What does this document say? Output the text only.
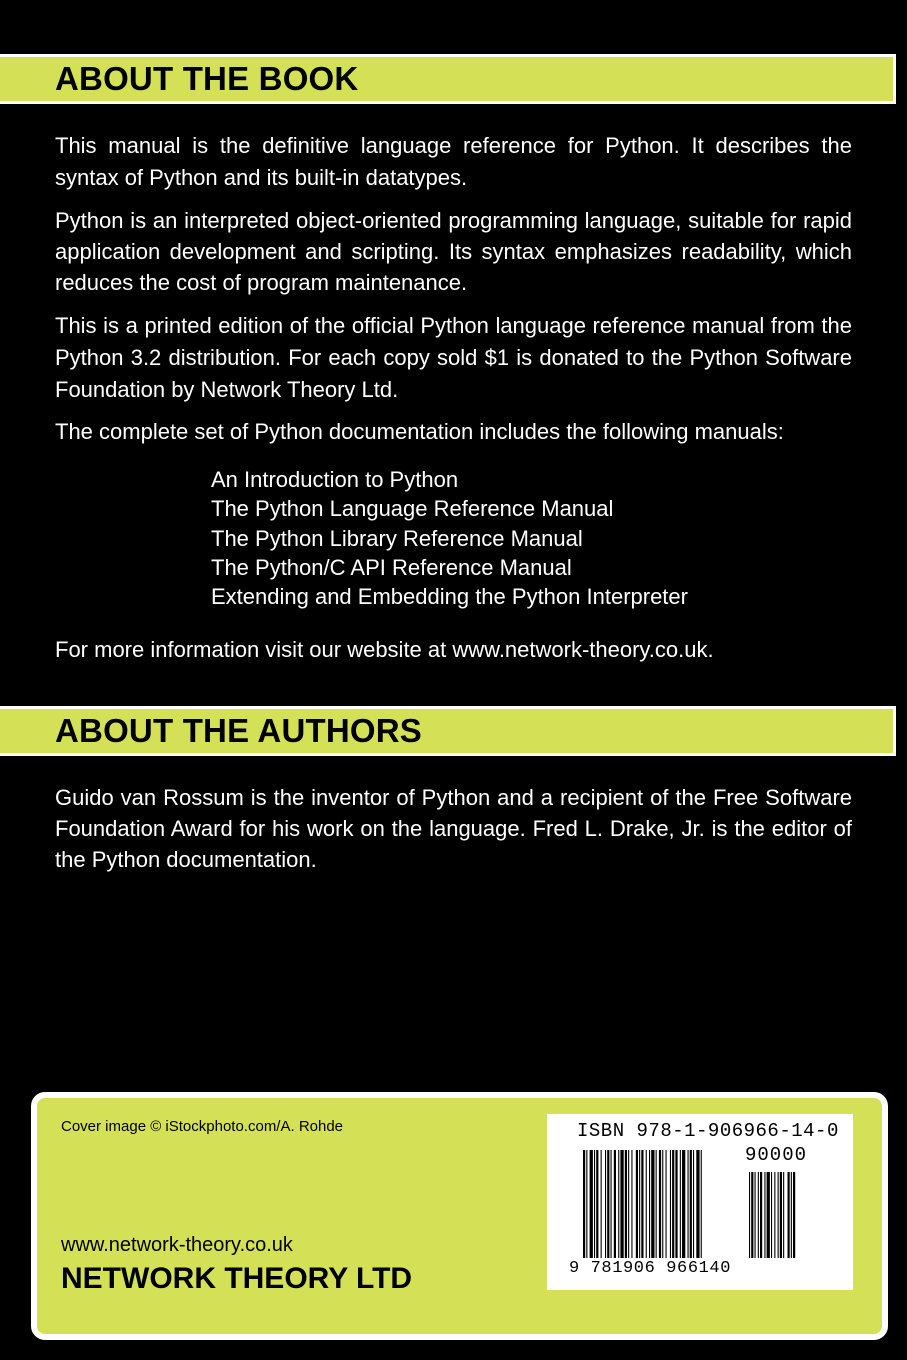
ABOUT THE BOOK

This manual is the definitive language reference for Python. It describes the syntax of Python and its built-in datatypes.

Python is an interpreted object-oriented programming language, suitable for rapid application development and scripting. Its syntax emphasizes readability, which reduces the cost of program maintenance.

This is a printed edition of the official Python language reference manual from the Python 3.2 distribution. For each copy sold $1 is donated to the Python Software Foundation by Network Theory Ltd.

The complete set of Python documentation includes the following manuals:

An Introduction to Python
The Python Language Reference Manual
The Python Library Reference Manual
The Python/C API Reference Manual
Extending and Embedding the Python Interpreter

For more information visit our website at www.network-theory.co.uk.

ABOUT THE AUTHORS

Guido van Rossum is the inventor of Python and a recipient of the Free Software Foundation Award for his work on the language. Fred L. Drake, Jr. is the editor of the Python documentation.

Cover image © iStockphoto.com/A. Rohde
www.network-theory.co.uk
NETWORK THEORY LTD
ISBN 978-1-906966-14-0
90000
9 781906 966140
